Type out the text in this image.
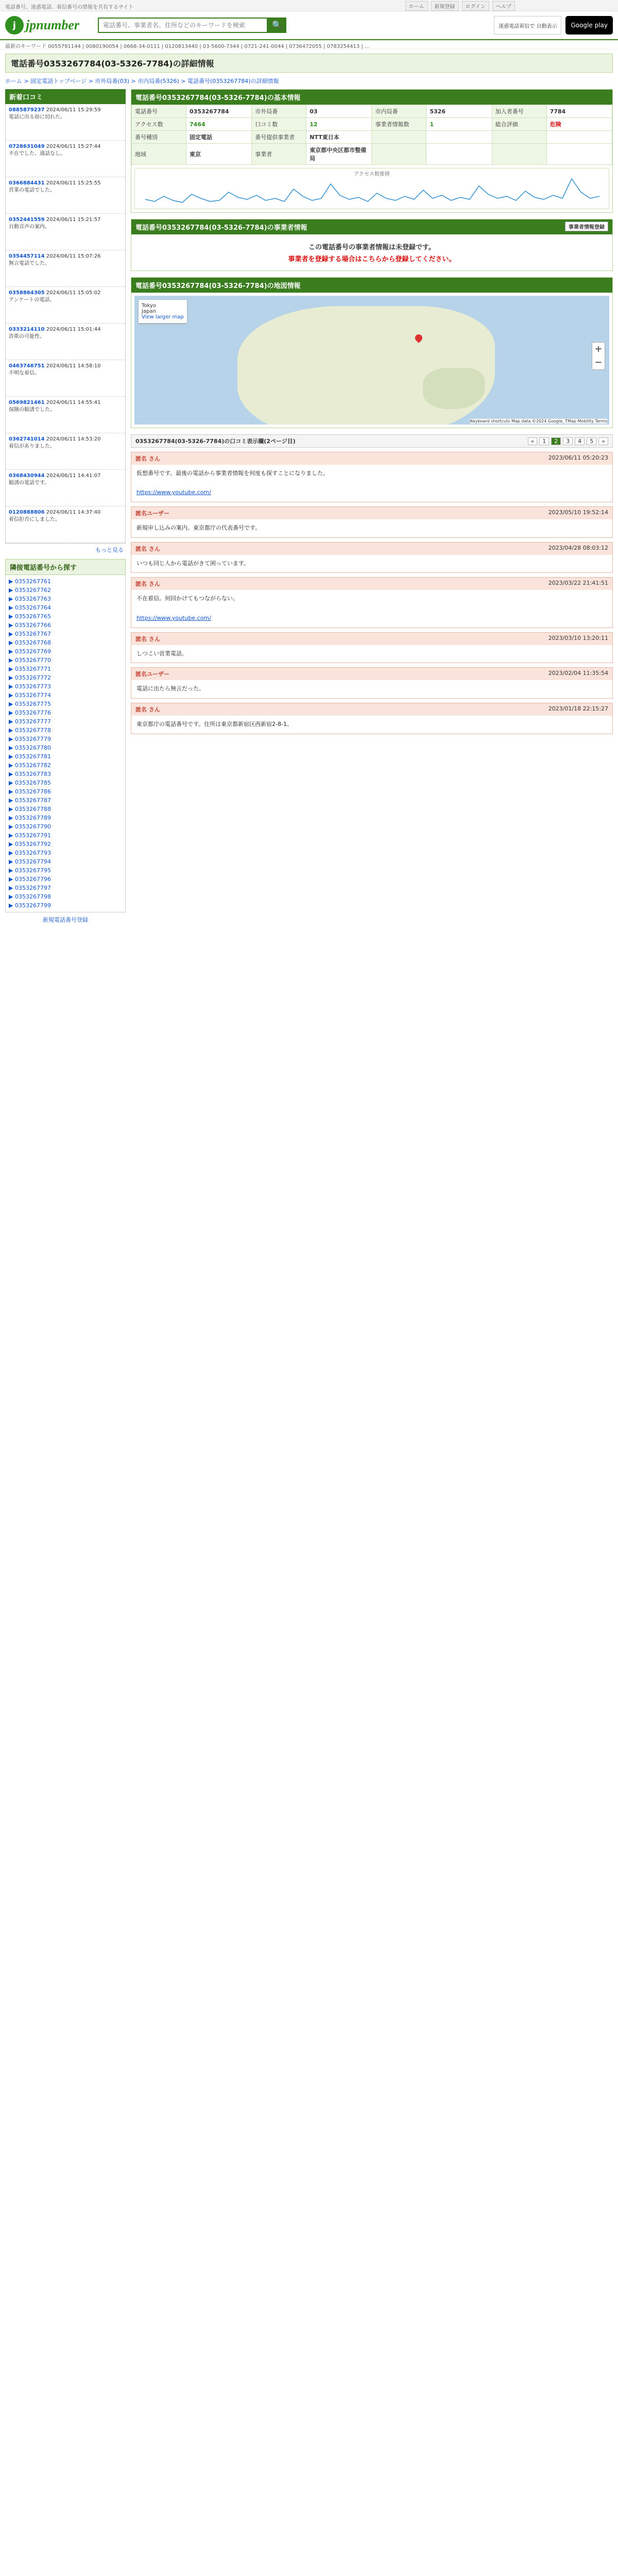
電話番号、迷惑電話、着信番号の情報を共有するサイト	ホーム	新規登録	ログイン	ヘルプ
j jpnumber
電話番号、事業者名、住所などのキーワードを検索	🔍	迷惑電話着信で 自動表示	Google play
最新のキーワード 0055791144 | 0080190054 | 0668-34-0111 | 0120813440 | 03-5600-7344 | 0721-241-0044 | 0736472055 | 0783254413 | ...
電話番号0353267784(03-5326-7784)の詳細情報
ホーム > 固定電話トップページ > 市外局番(03) > 市内局番(5326) > 電話番号(0353267784)の詳細情報
新着口コミ
0885879237 2024/06/11 15:29:59
電話に出る前に切れた。
0728631049 2024/06/11 15:27:44
不在でした、通話なし。
0366884431 2024/06/11 15:25:55
営業の電話でした。
0352441559 2024/06/11 15:21:57
自動音声の案内。
0354457114 2024/06/11 15:07:26
無言電話でした。
0358864305 2024/06/11 15:05:02
アンケートの電話。
0333214110 2024/06/11 15:01:44
詐欺の可能性。
0463746751 2024/06/11 14:58:10
不明な着信。
0569821461 2024/06/11 14:55:41
保険の勧誘でした。
0362741014 2024/06/11 14:53:20
着信がありました。
0368430944 2024/06/11 14:41:07
勧誘の電話です。
0120888806 2024/06/11 14:37:40
着信拒否にしました。
もっと見る
隣接電話番号から探す
▶ 0353267761
▶ 0353267762
▶ 0353267763
▶ 0353267764
▶ 0353267765
▶ 0353267766
▶ 0353267767
▶ 0353267768
▶ 0353267769
▶ 0353267770
▶ 0353267771
▶ 0353267772
▶ 0353267773
▶ 0353267774
▶ 0353267775
▶ 0353267776
▶ 0353267777
▶ 0353267778
▶ 0353267779
▶ 0353267780
▶ 0353267781
▶ 0353267782
▶ 0353267783
▶ 0353267785
▶ 0353267786
▶ 0353267787
▶ 0353267788
▶ 0353267789
▶ 0353267790
▶ 0353267791
▶ 0353267792
▶ 0353267793
▶ 0353267794
▶ 0353267795
▶ 0353267796
▶ 0353267797
▶ 0353267798
▶ 0353267799
新規電話番号登録
電話番号0353267784(03-5326-7784)の基本情報
電話番号	0353267784	市外局番	03	市内局番	5326	加入者番号	7784
アクセス数	7464	口コミ数	12	事業者情報数	1	総合評価	危険
番号種別	固定電話	番号提供事業者	NTT東日本				
地域	東京	事業者	東京都中央区都市整備局				
アクセス数推移
電話番号0353267784(03-5326-7784)の事業者情報	事業者情報登録
この電話番号の事業者情報は未登録です。
事業者を登録する場合はこちらから登録してください。
電話番号0353267784(03-5326-7784)の地図情報
Tokyo
Japan
View larger map
+
−
Keyboard shortcuts Map data ©2024 Google, TMap Mobility Terms
0353267784(03-5326-7784)の口コミ表示欄(2ページ目)	«	1	2	3	4	5	»
匿名 さん	2023/06/11 05:20:23
仮想番号です。最後の電話から事業者情報を何度も探すことになりました。

https://www.youtube.com/
匿名ユーザー	2023/05/10 19:52:14
新規申し込みの案内。東京都庁の代表番号です。
匿名 さん	2023/04/28 08:03:12
いつも同じ人から電話がきて困っています。
匿名 さん	2023/03/22 21:41:51
不在着信。何回かけてもつながらない。

https://www.youtube.com/
匿名 さん	2023/03/10 13:20:11
しつこい営業電話。
匿名ユーザー	2023/02/04 11:35:54
電話に出たら無言だった。
匿名 さん	2023/01/18 22:15:27
東京都庁の電話番号です。住所は東京都新宿区西新宿2-8-1。
